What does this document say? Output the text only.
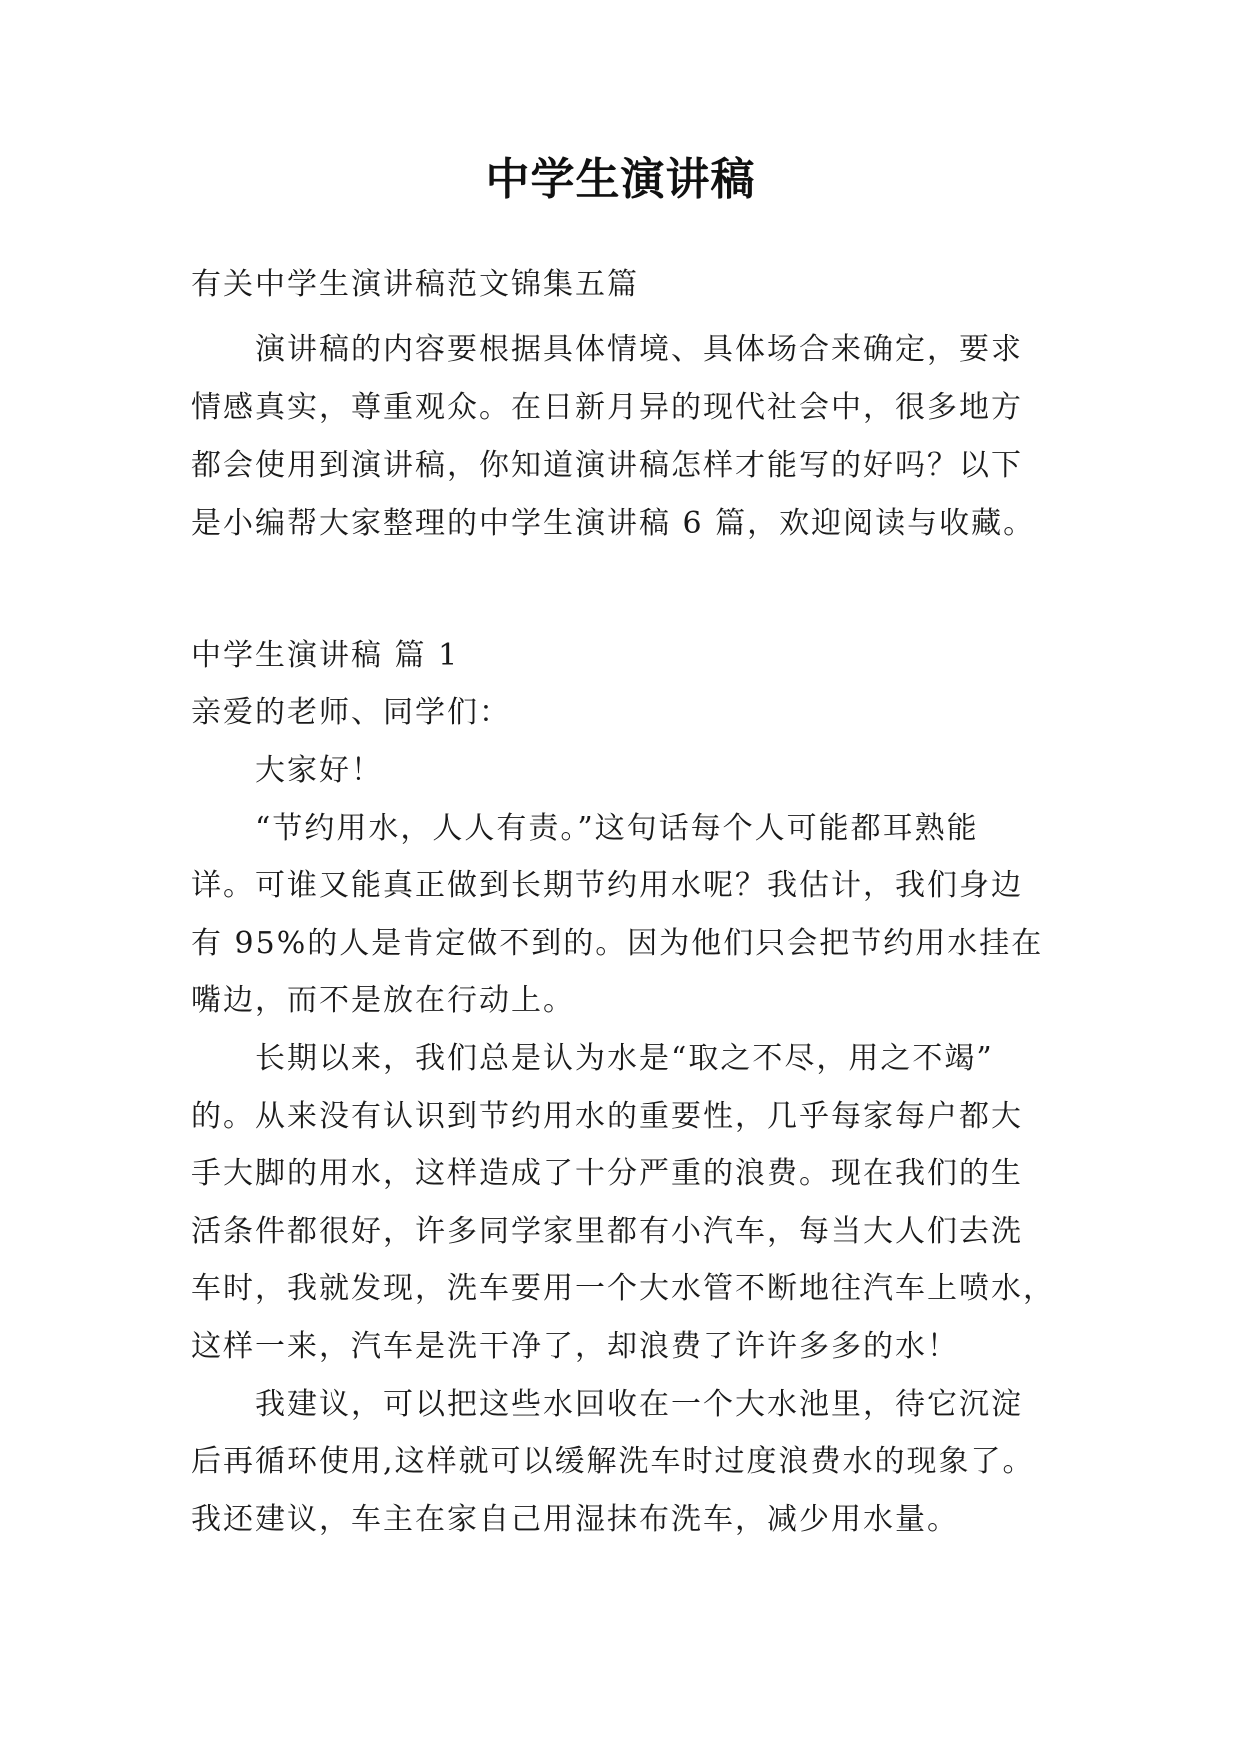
中学生演讲稿
有关中学生演讲稿范文锦集五篇
演讲稿的内容要根据具体情境、具体场合来确定，要求
情感真实，尊重观众。在日新月异的现代社会中，很多地方
都会使用到演讲稿，你知道演讲稿怎样才能写的好吗？以下
是小编帮大家整理的中学生演讲稿 6 篇，欢迎阅读与收藏。
中学生演讲稿 篇 1
亲爱的老师、同学们：
大家好！
“节约用水，人人有责。”这句话每个人可能都耳熟能
详。可谁又能真正做到长期节约用水呢？我估计，我们身边
有 95%的人是肯定做不到的。因为他们只会把节约用水挂在
嘴边，而不是放在行动上。
长期以来，我们总是认为水是“取之不尽，用之不竭”
的。从来没有认识到节约用水的重要性，几乎每家每户都大
手大脚的用水，这样造成了十分严重的浪费。现在我们的生
活条件都很好，许多同学家里都有小汽车，每当大人们去洗
车时，我就发现，洗车要用一个大水管不断地往汽车上喷水，
这样一来，汽车是洗干净了，却浪费了许许多多的水！
我建议，可以把这些水回收在一个大水池里，待它沉淀
后再循环使用,这样就可以缓解洗车时过度浪费水的现象了。
我还建议，车主在家自己用湿抹布洗车，减少用水量。
